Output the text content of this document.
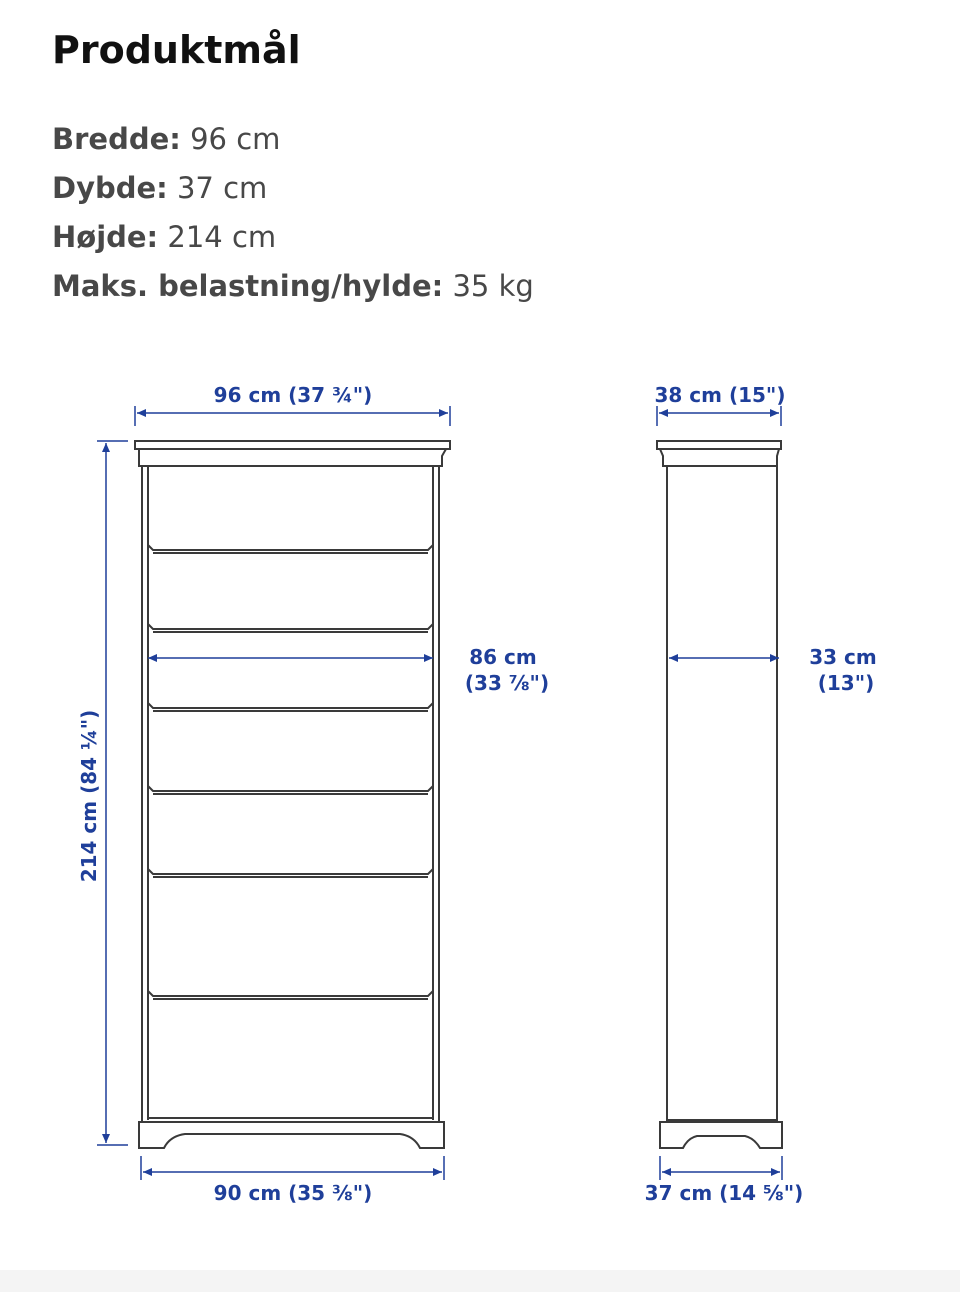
Produktmål
Bredde: 96 cm
Dybde: 37 cm
Højde: 214 cm
Maks. belastning/hylde: 35 kg
96 cm (37 ¾")
86 cm
(33 ⅞")
214 cm (84 ¼")
90 cm (35 ⅜")
38 cm (15")
33 cm
(13")
37 cm (14 ⅝")
